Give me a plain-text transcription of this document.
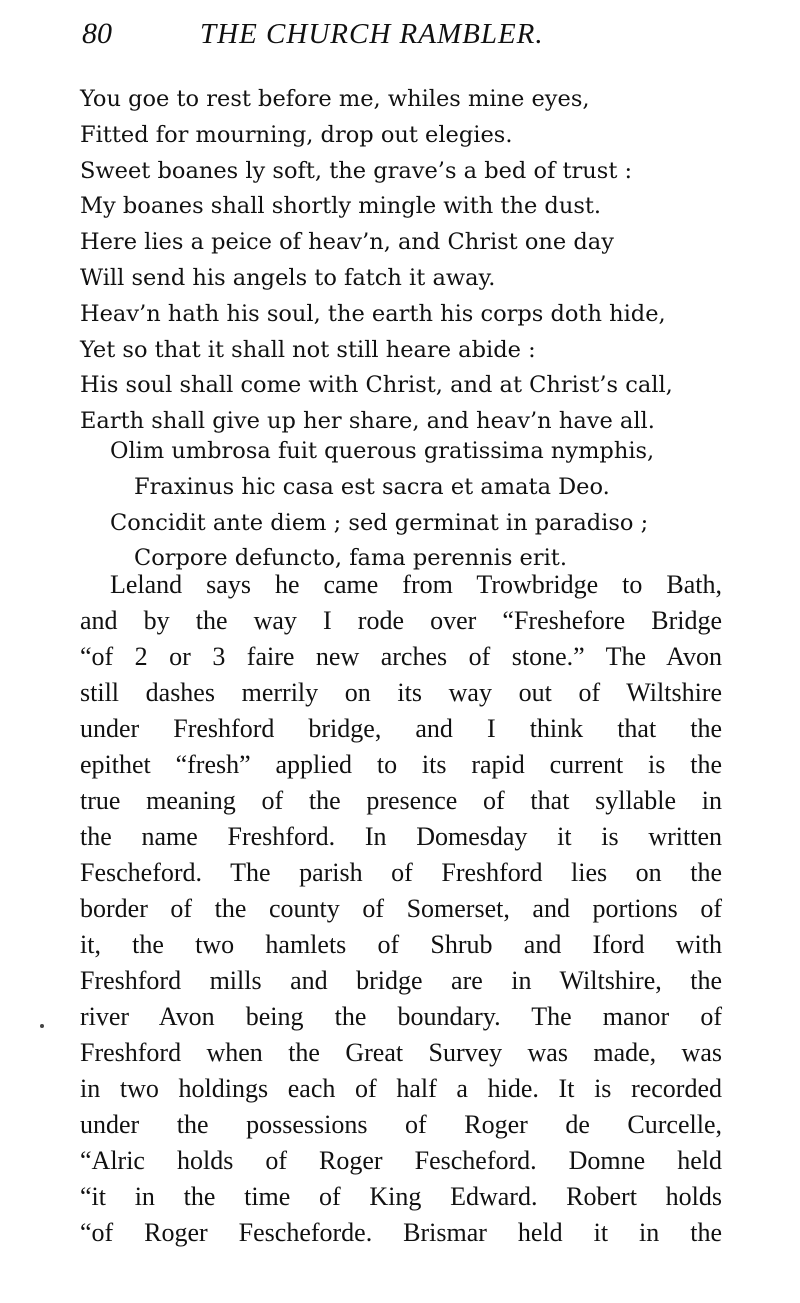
80	THE CHURCH RAMBLER.
You goe to rest before me, whiles mine eyes,
Fitted for mourning, drop out elegies.
Sweet boanes ly soft, the grave’s a bed of trust :
My boanes shall shortly mingle with the dust.
Here lies a peice of heav’n, and Christ one day
Will send his angels to fatch it away.
Heav’n hath his soul, the earth his corps doth hide,
Yet so that it shall not still heare abide :
His soul shall come with Christ, and at Christ’s call,
Earth shall give up her share, and heav’n have all.
Olim umbrosa fuit querous gratissima nymphis,
Fraxinus hic casa est sacra et amata Deo.
Concidit ante diem ; sed germinat in paradiso ;
Corpore defuncto, fama perennis erit.
Leland says he came from Trowbridge to Bath,
and by the way I rode over “Freshefore Bridge
“of 2 or 3 faire new arches of stone.” The Avon
still dashes merrily on its way out of Wiltshire
under Freshford bridge, and I think that the
epithet “fresh” applied to its rapid current is the
true meaning of the presence of that syllable in
the name Freshford. In Domesday it is written
Fescheford. The parish of Freshford lies on the
border of the county of Somerset, and portions of
it, the two hamlets of Shrub and Iford with
Freshford mills and bridge are in Wiltshire, the
river Avon being the boundary. The manor of
Freshford when the Great Survey was made, was
in two holdings each of half a hide. It is recorded
under the possessions of Roger de Curcelle,
“Alric holds of Roger Fescheford. Domne held
“it in the time of King Edward. Robert holds
“of Roger Fescheforde. Brismar held it in the
